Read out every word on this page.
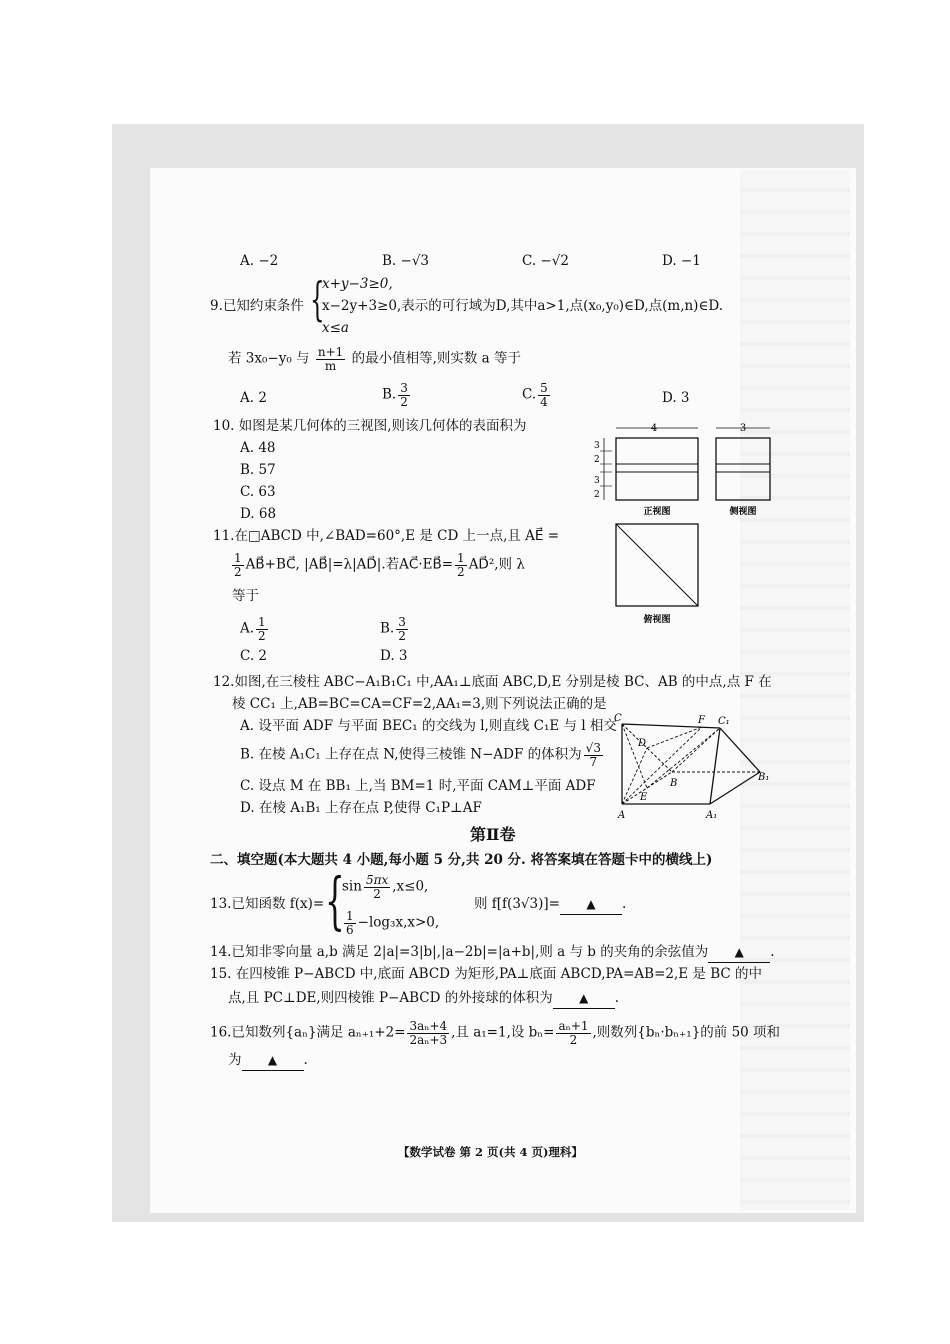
A. −2	B. −√3	C. −√2	D. −1
9.已知约束条件 {
x+y−3≥0,
x−2y+3≥0,表示的可行域为D,其中a>1,点(x₀,y₀)∈D,点(m,n)∈D.
x≤a
若 3x₀−y₀ 与 $\frac{n+1}{m}$ 的最小值相等,则实数 a 等于
A. 2	B. $\frac{3}{2}$	C. $\frac{5}{4}$	D. 3
10. 如图是某几何体的三视图,则该几何体的表面积为
A. 48
B. 57
C. 63
D. 68
4
3
2
3
2
正视图
3
侧视图
俯视图
11.在□ABCD 中,∠BAD=60°,E 是 CD 上一点,且 AE⃗ =
$\frac{1}{2}$ AB⃗+BC⃗, |AB⃗|=λ|AD⃗|.若AC⃗·EB⃗= $\frac{1}{2}$ AD⃗²,则 λ
等于
A. $\frac{1}{2}$	B. $\frac{3}{2}$
C. 2	D. 3
12.如图,在三棱柱 ABC−A₁B₁C₁ 中,AA₁⊥底面 ABC,D,E 分别是棱 BC、AB 的中点,点 F 在
棱 CC₁ 上,AB=BC=CA=CF=2,AA₁=3,则下列说法正确的是
A. 设平面 ADF 与平面 BEC₁ 的交线为 l,则直线 C₁E 与 l 相交
B. 在棱 A₁C₁ 上存在点 N,使得三棱锥 N−ADF 的体积为 $\frac{√3}{7}$
C. 设点 M 在 BB₁ 上,当 BM=1 时,平面 CAM⊥平面 ADF
D. 在棱 A₁B₁ 上存在点 P,使得 C₁P⊥AF
C	F C₁
D
B
B₁
E
A	A₁
第Ⅱ卷
二、填空题(本大题共 4 小题,每小题 5 分,共 20 分. 将答案填在答题卡中的横线上)
13.已知函数 f(x)= {
$\sin \frac{5\pi x}{2} ,x\le 0$,
$\frac{1}{6} -\log_3x,x>0$,
则 f[f(3√3)]= ▲ .
14.已知非零向量 a,b 满足 2|a|=3|b|,|a−2b|=|a+b|,则 a 与 b 的夹角的余弦值为 ▲ .
15. 在四棱锥 P−ABCD 中,底面 ABCD 为矩形,PA⊥底面 ABCD,PA=AB=2,E 是 BC 的中
点,且 PC⊥DE,则四棱锥 P−ABCD 的外接球的体积为 ▲ .
16.已知数列{aₙ}满足 $a_{n+1}+2= \frac{\text{3aₙ+4}}{\text{2aₙ+3}}$ ,且 a₁=1,设 $b_n= \frac{\text{aₙ+1}}{2}$ ,则数列{bₙ·bₙ₊₁}的前 50 项和
为 ▲ .
【数学试卷 第 2 页(共 4 页)理科】
